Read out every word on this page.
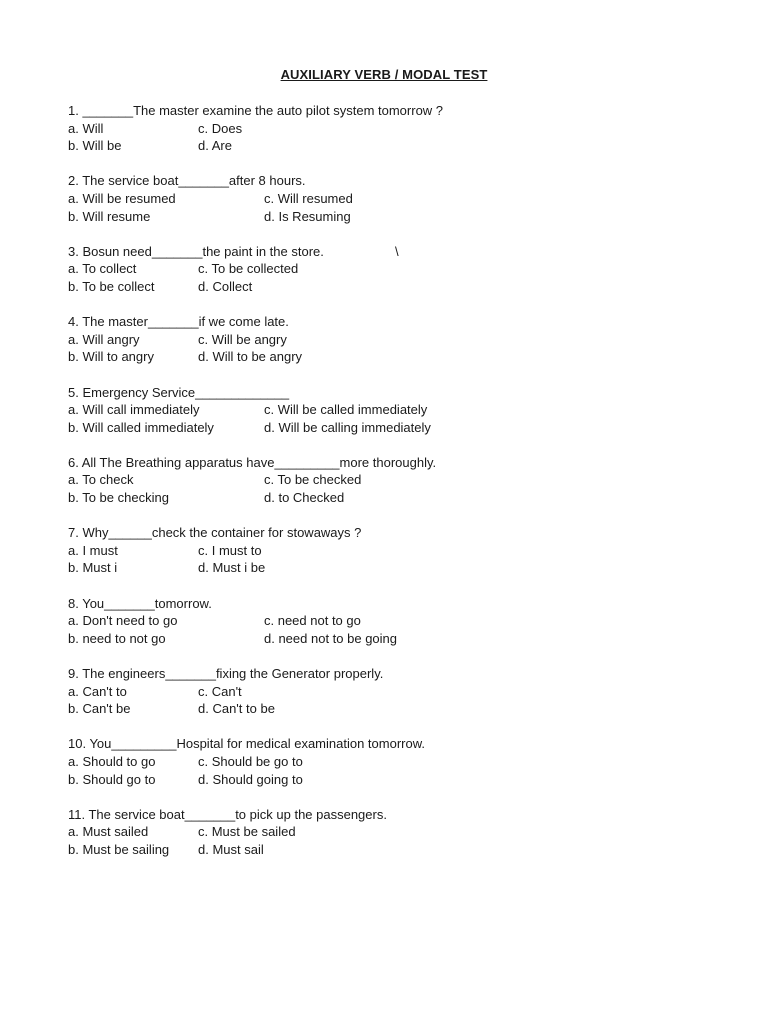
AUXILIARY VERB / MODAL TEST
1. _______The master examine the auto pilot system tomorrow ?
a. Will	c. Does
b. Will be	d. Are
2. The service boat_______after 8 hours.
a. Will be resumed	c. Will resumed
b. Will resume	d. Is Resuming
3. Bosun need_______the paint in the store.	\
a. To collect	c. To be collected
b. To be collect	d. Collect
4. The master_______if we come late.
a. Will angry	c. Will be angry
b. Will to angry	d. Will to be angry
5. Emergency Service_____________
a. Will call immediately	c. Will be called immediately
b. Will called immediately	d. Will be calling immediately
6. All The Breathing apparatus have_________more thoroughly.
a. To check	c. To be checked
b. To be checking	d. to Checked
7. Why______check the container for stowaways ?
a. I must	c. I must to
b. Must i	d. Must i be
8. You_______tomorrow.
a. Don't need to go	c. need not to go
b. need to not go	d. need not to be going
9. The engineers_______fixing the Generator properly.
a. Can't to	c. Can't
b. Can't be	d. Can't to be
10. You_________Hospital for medical examination tomorrow.
a. Should to go	c. Should be go to
b. Should go to	d. Should going to
11. The service boat_______to pick up the passengers.
a. Must sailed	c. Must be sailed
b. Must be sailing	d. Must sail
